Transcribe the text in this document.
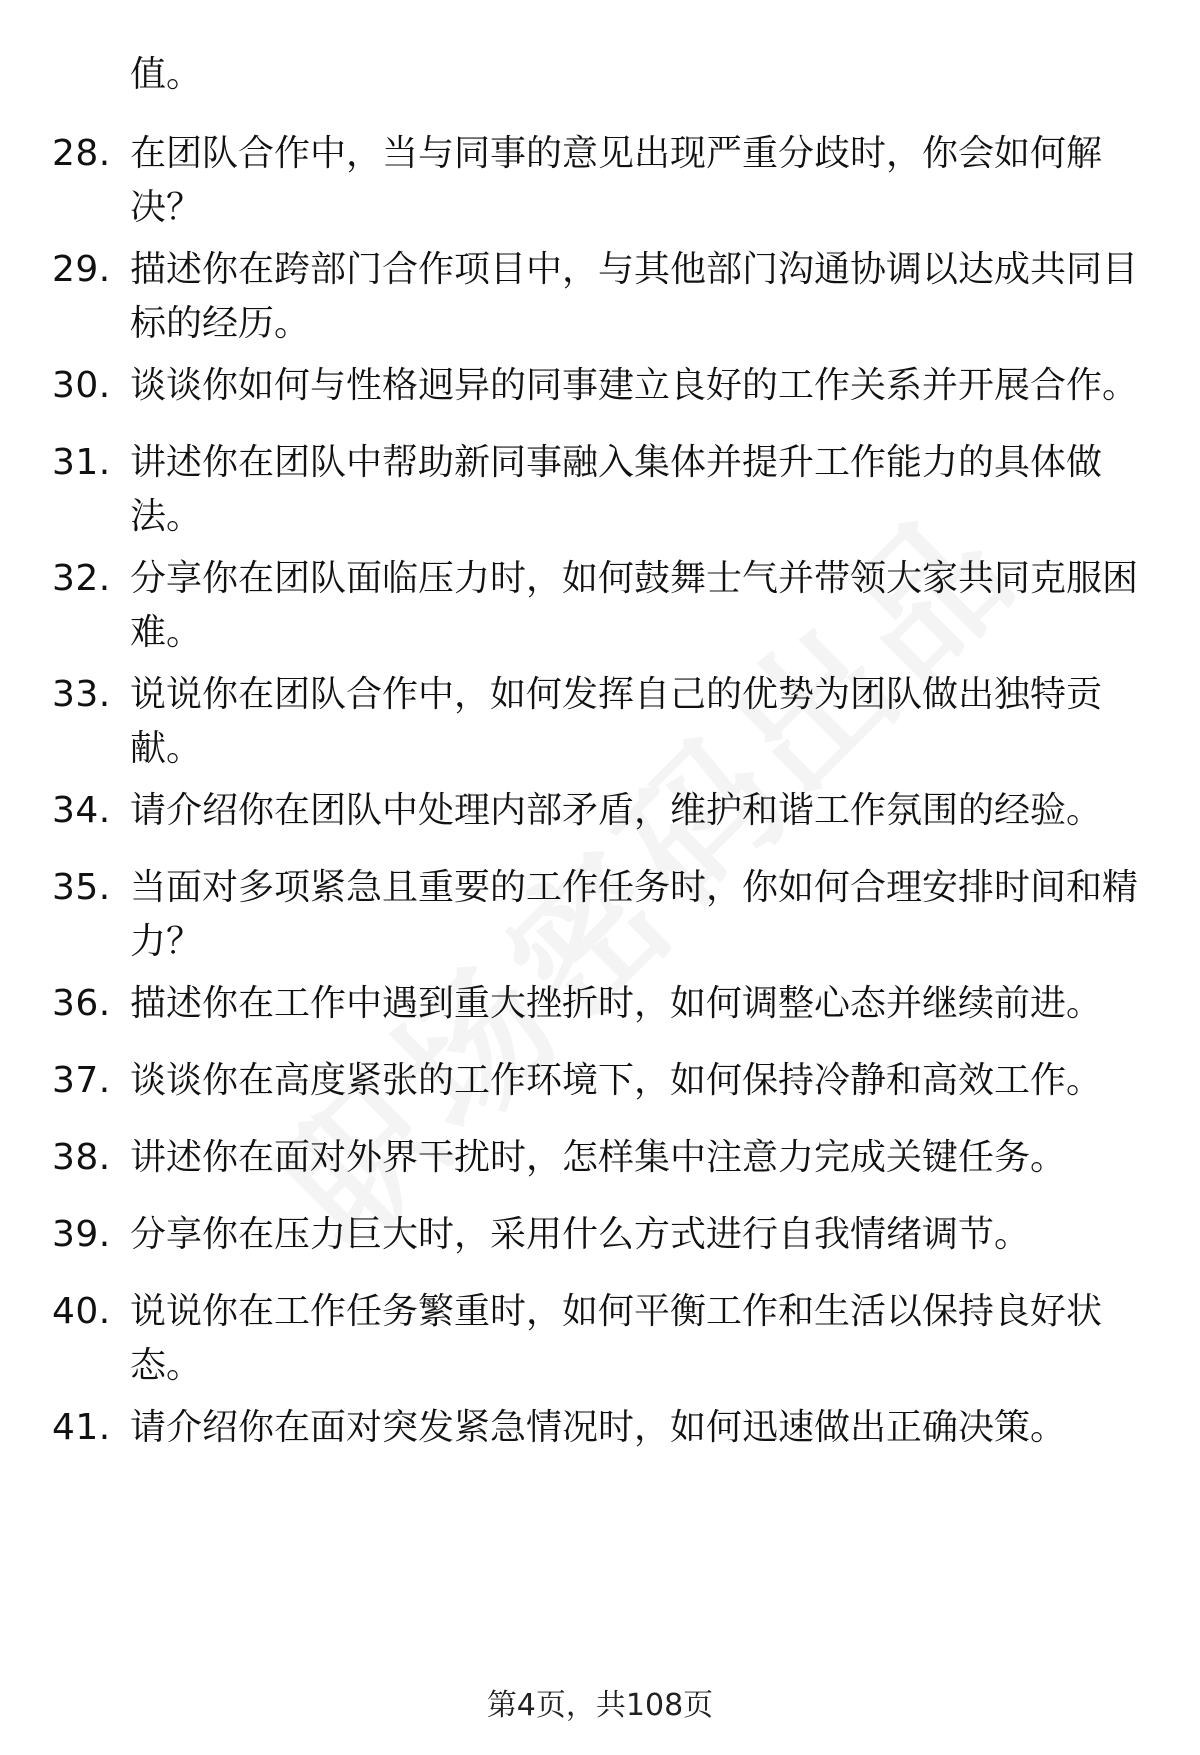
值。
28. 在团队合作中，当与同事的意见出现严重分歧时，你会如何解决？
29. 描述你在跨部门合作项目中，与其他部门沟通协调以达成共同目标的经历。
30. 谈谈你如何与性格迥异的同事建立良好的工作关系并开展合作。
31. 讲述你在团队中帮助新同事融入集体并提升工作能力的具体做法。
32. 分享你在团队面临压力时，如何鼓舞士气并带领大家共同克服困难。
33. 说说你在团队合作中，如何发挥自己的优势为团队做出独特贡献。
34. 请介绍你在团队中处理内部矛盾，维护和谐工作氛围的经验。
35. 当面对多项紧急且重要的工作任务时，你如何合理安排时间和精力？
36. 描述你在工作中遇到重大挫折时，如何调整心态并继续前进。
37. 谈谈你在高度紧张的工作环境下，如何保持冷静和高效工作。
38. 讲述你在面对外界干扰时，怎样集中注意力完成关键任务。
39. 分享你在压力巨大时，采用什么方式进行自我情绪调节。
40. 说说你在工作任务繁重时，如何平衡工作和生活以保持良好状态。
41. 请介绍你在面对突发紧急情况时，如何迅速做出正确决策。
第4页，共108页
